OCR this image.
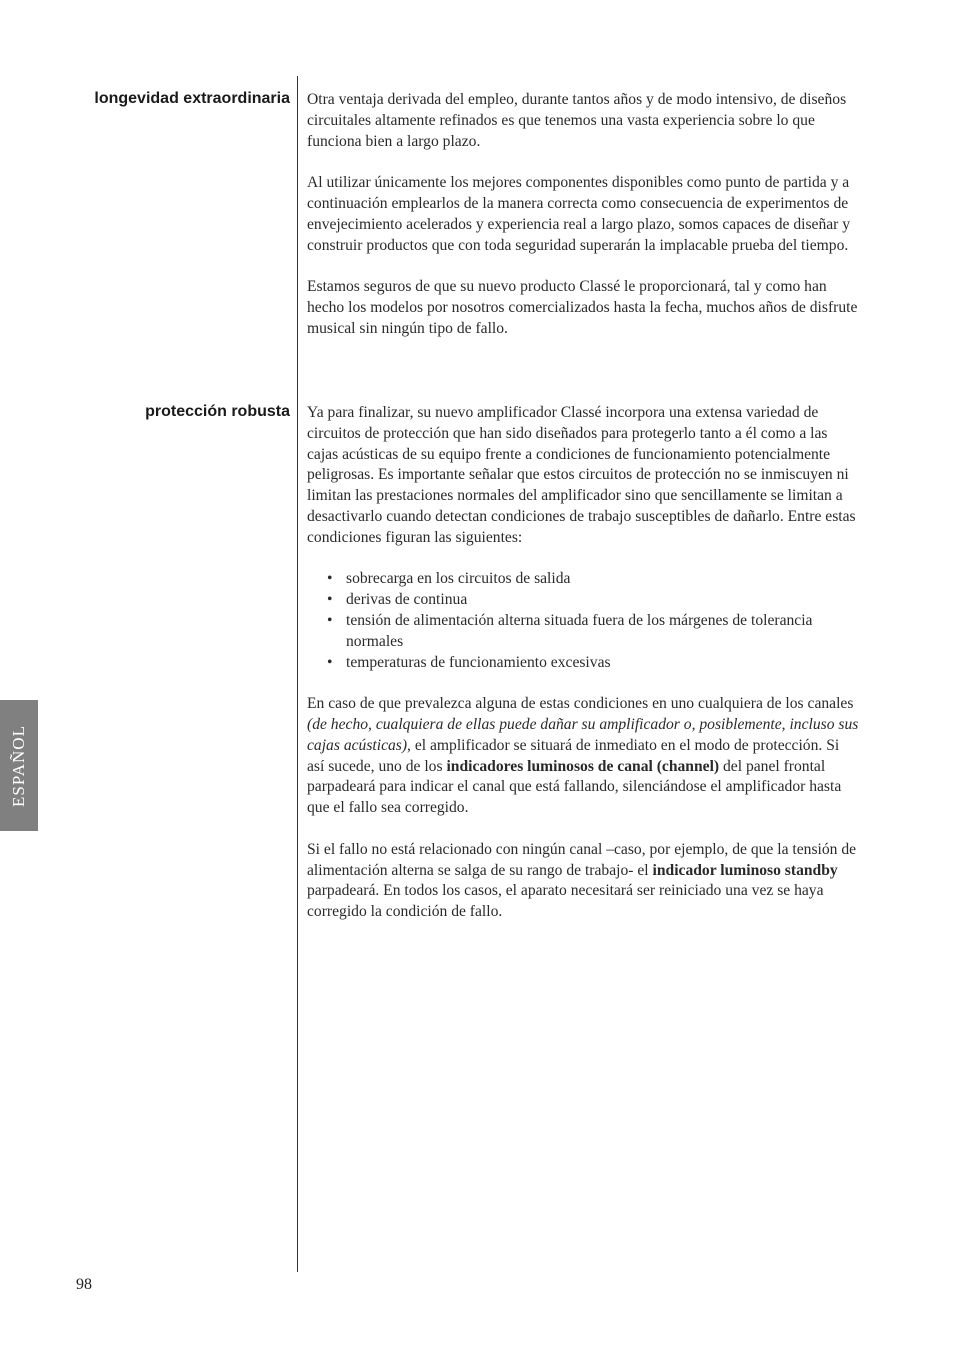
longevidad extraordinaria Otra ventaja derivada del empleo, durante tantos años y de modo intensivo, de diseños circuitales altamente refinados es que tenemos una vasta experiencia sobre lo que funciona bien a largo plazo.

Al utilizar únicamente los mejores componentes disponibles como punto de partida y a continuación emplearlos de la manera correcta como consecuencia de experimentos de envejecimiento acelerados y experiencia real a largo plazo, somos capaces de diseñar y construir productos que con toda seguridad superarán la implacable prueba del tiempo.

Estamos seguros de que su nuevo producto Classé le proporcionará, tal y como han hecho los modelos por nosotros comercializados hasta la fecha, muchos años de disfrute musical sin ningún tipo de fallo.

protección robusta Ya para finalizar, su nuevo amplificador Classé incorpora una extensa variedad de circuitos de protección que han sido diseñados para protegerlo tanto a él como a las cajas acústicas de su equipo frente a condiciones de funcionamiento potencialmente peligrosas. Es importante señalar que estos circuitos de protección no se inmiscuyen ni limitan las prestaciones normales del amplificador sino que sencillamente se limitan a desactivarlo cuando detectan condiciones de trabajo susceptibles de dañarlo. Entre estas condiciones figuran las siguientes:

• sobrecarga en los circuitos de salida
• derivas de continua
• tensión de alimentación alterna situada fuera de los márgenes de tolerancia normales
• temperaturas de funcionamiento excesivas

En caso de que prevalezca alguna de estas condiciones en uno cualquiera de los canales (de hecho, cualquiera de ellas puede dañar su amplificador o, posiblemente, incluso sus cajas acústicas), el amplificador se situará de inmediato en el modo de protección. Si así sucede, uno de los indicadores luminosos de canal (channel) del panel frontal parpadeará para indicar el canal que está fallando, silenciándose el amplificador hasta que el fallo sea corregido.

Si el fallo no está relacionado con ningún canal –caso, por ejemplo, de que la tensión de alimentación alterna se salga de su rango de trabajo- el indicador luminoso standby parpadeará. En todos los casos, el aparato necesitará ser reiniciado una vez se haya corregido la condición de fallo.

ESPAÑOL
98
